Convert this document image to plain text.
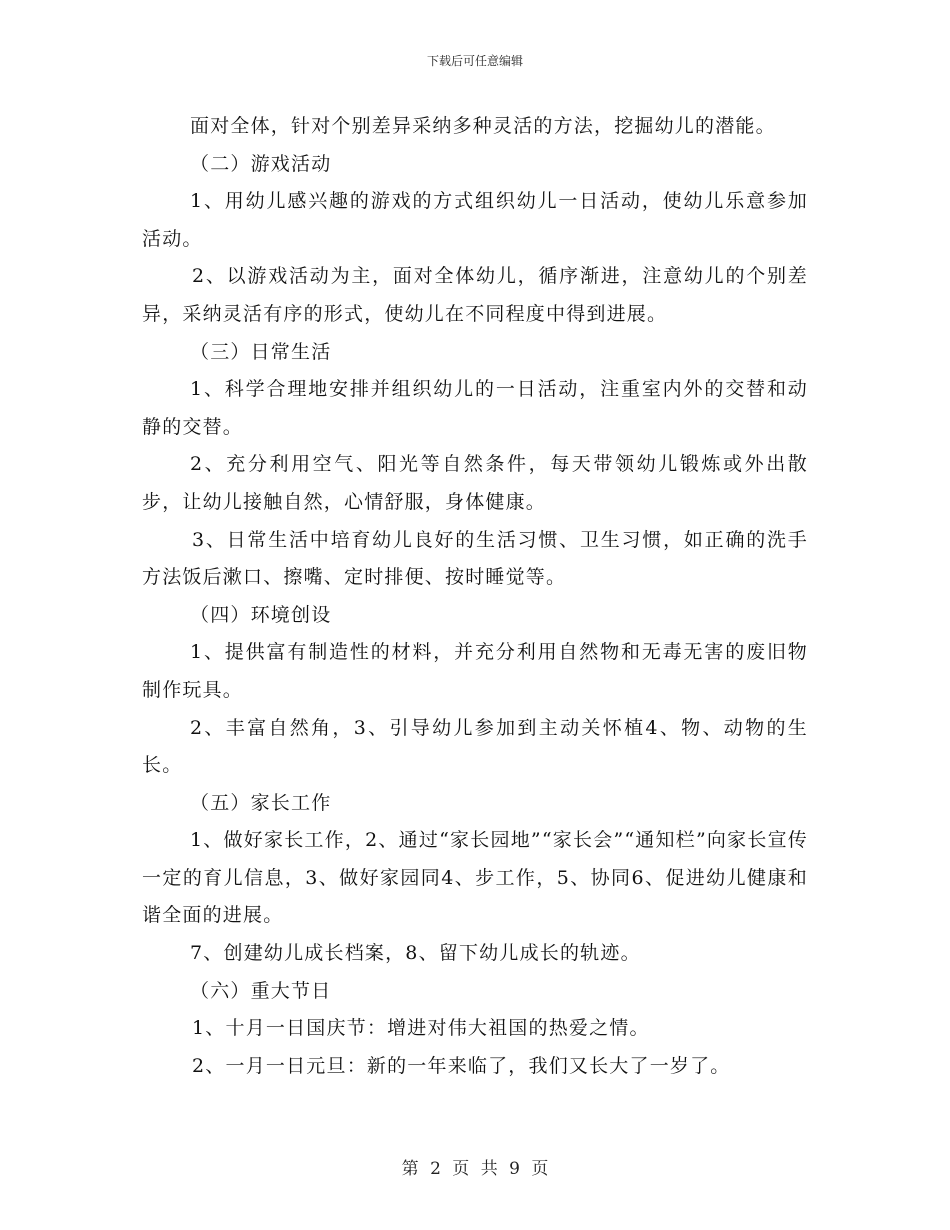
下载后可任意编辑

面对全体，针对个别差异采纳多种灵活的方法，挖掘幼儿的潜能。

（二）游戏活动

1、用幼儿感兴趣的游戏的方式组织幼儿一日活动，使幼儿乐意参加活动。

2、以游戏活动为主，面对全体幼儿，循序渐进，注意幼儿的个别差异，采纳灵活有序的形式，使幼儿在不同程度中得到进展。

（三）日常生活

1、科学合理地安排并组织幼儿的一日活动，注重室内外的交替和动静的交替。

2、充分利用空气、阳光等自然条件，每天带领幼儿锻炼或外出散步，让幼儿接触自然，心情舒服，身体健康。

3、日常生活中培育幼儿良好的生活习惯、卫生习惯，如正确的洗手方法饭后漱口、擦嘴、定时排便、按时睡觉等。

（四）环境创设

1、提供富有制造性的材料，并充分利用自然物和无毒无害的废旧物制作玩具。

2、丰富自然角，3、引导幼儿参加到主动关怀植4、物、动物的生长。

（五）家长工作

1、做好家长工作，2、通过“家长园地”“家长会”“通知栏”向家长宣传一定的育儿信息，3、做好家园同4、步工作，5、协同6、促进幼儿健康和谐全面的进展。

7、创建幼儿成长档案，8、留下幼儿成长的轨迹。

（六）重大节日

1、十月一日国庆节：增进对伟大祖国的热爱之情。

2、一月一日元旦：新的一年来临了，我们又长大了一岁了。

第 2 页 共 9 页
